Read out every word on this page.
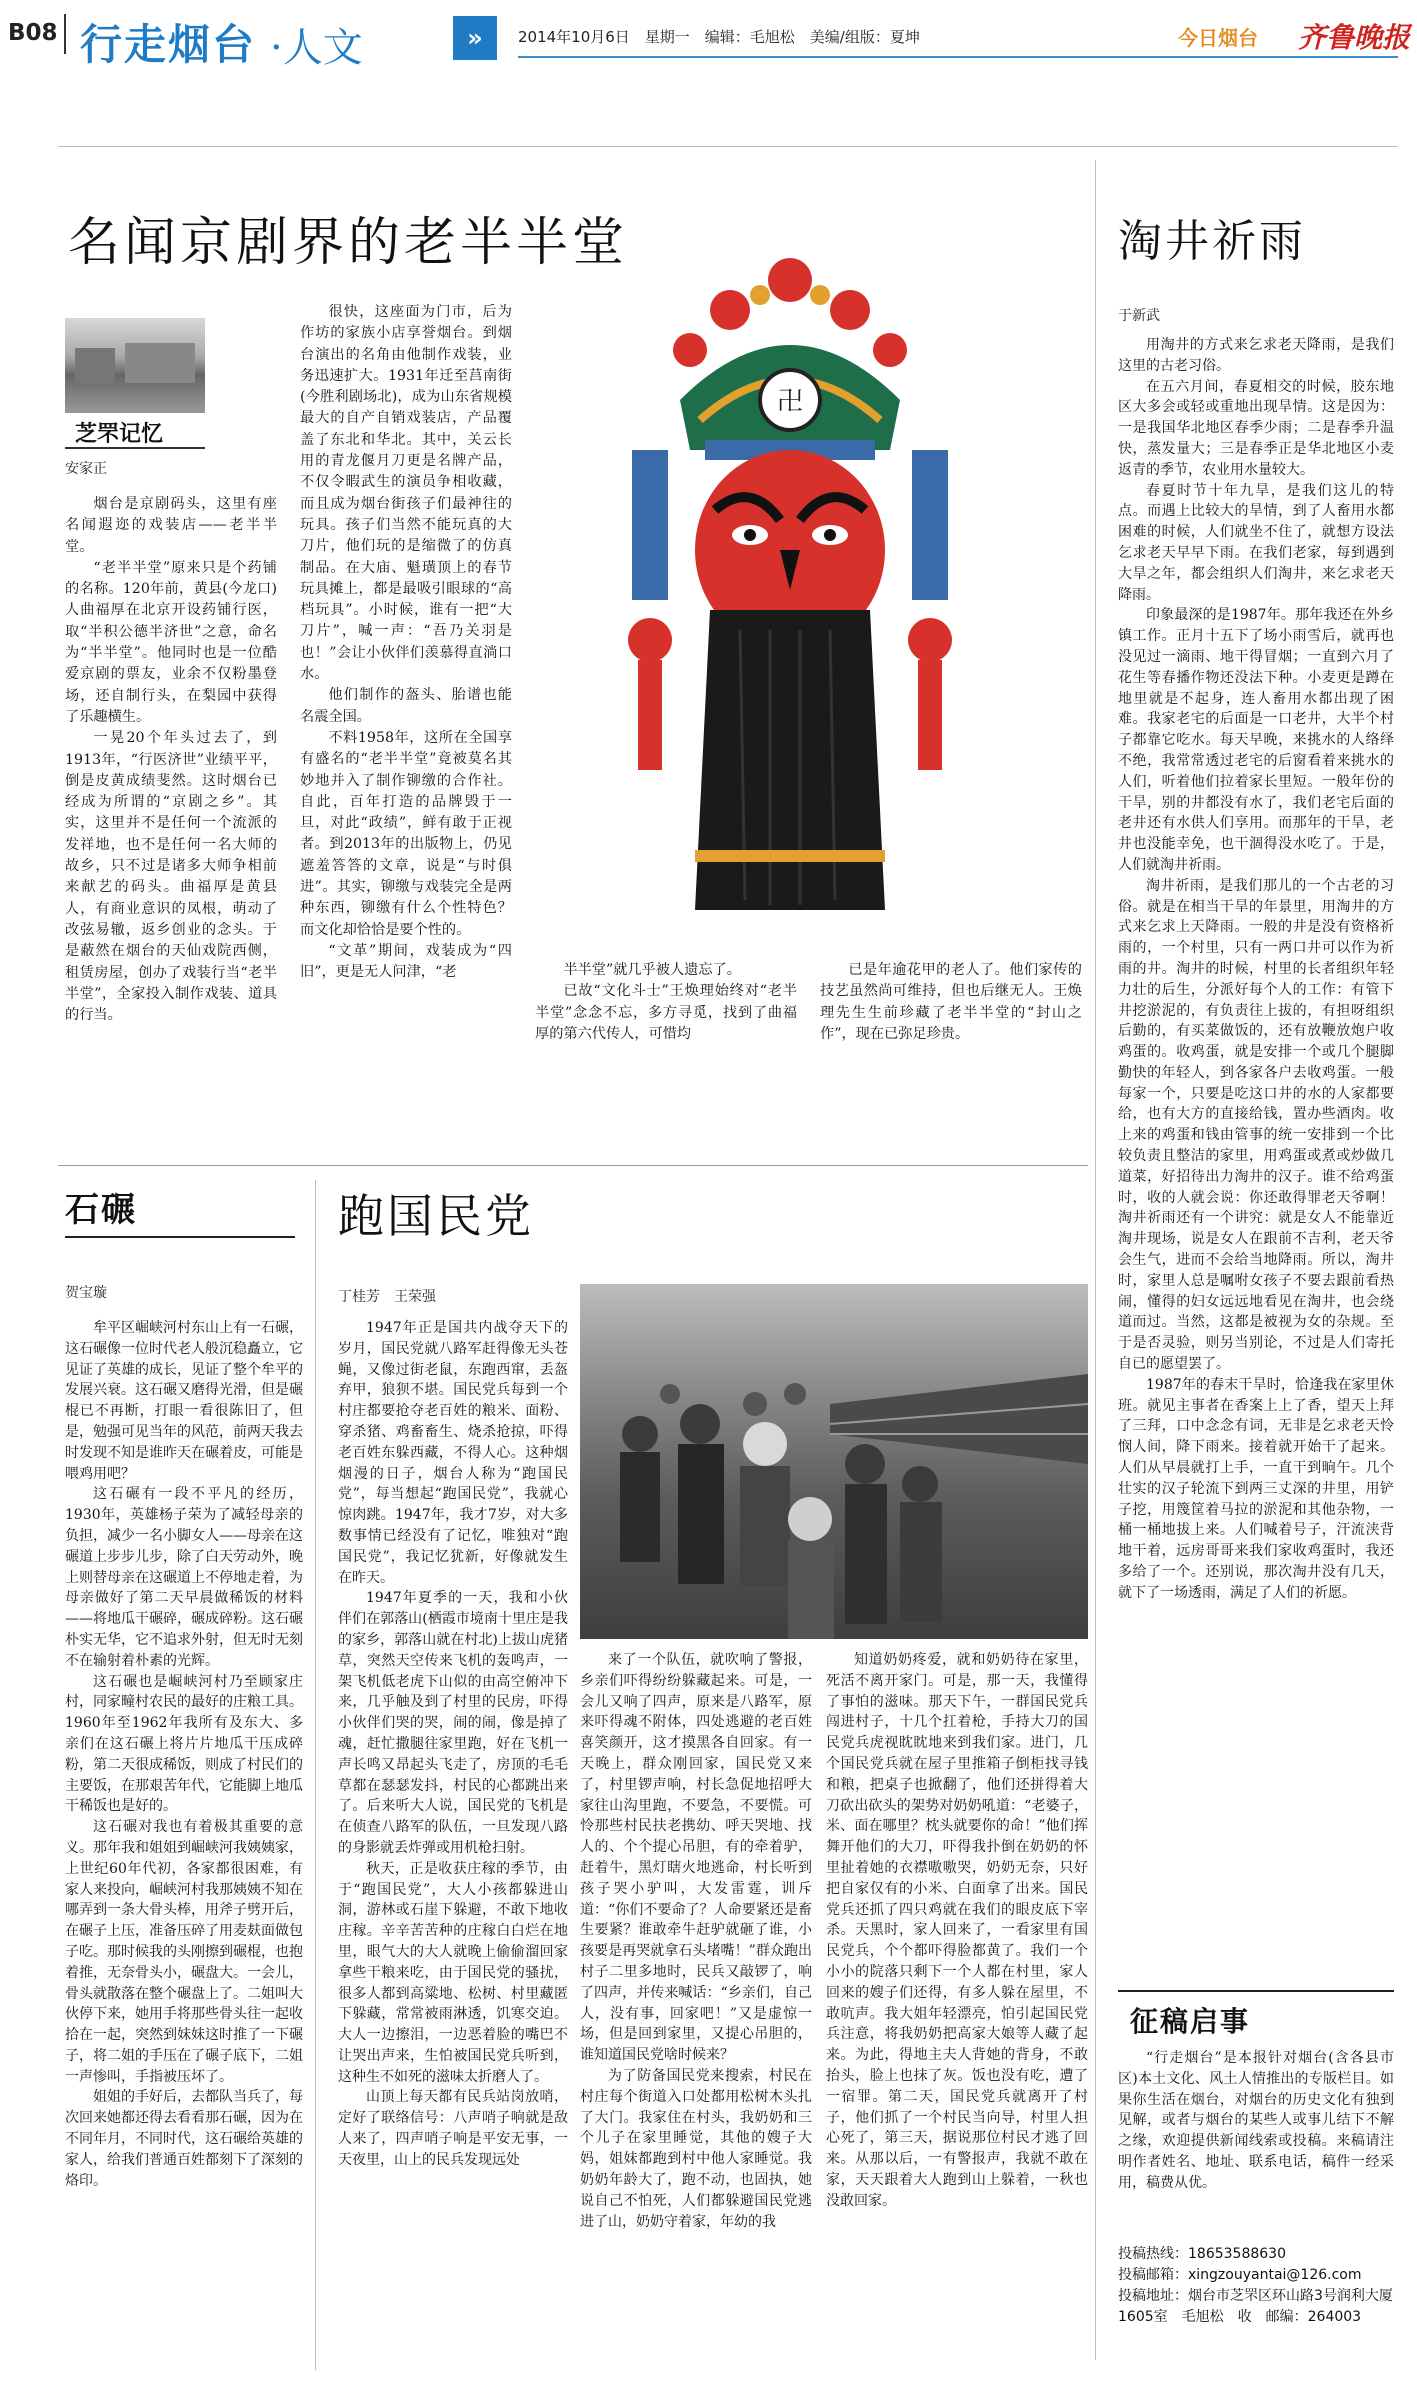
B08 行走烟台 ·人文	»	2014年10月6日　星期一　编辑：毛旭松　美编/组版：夏坤	今日烟台 齐鲁晚报
名闻京剧界的老半半堂
芝罘记忆
安家正

烟台是京剧码头，这里有座名闻遐迩的戏装店——老半半堂。

“老半半堂”原来只是个药铺的名称。120年前，黄县(今龙口)人曲福厚在北京开设药铺行医，取“半积公德半济世”之意，命名为“半半堂”。他同时也是一位酷爱京剧的票友，业余不仅粉墨登场，还自制行头，在梨园中获得了乐趣横生。

一晃20个年头过去了，到1913年，“行医济世”业绩平平，倒是皮黄成绩斐然。这时烟台已经成为所谓的“京剧之乡”。其实，这里并不是任何一个流派的发祥地，也不是任何一名大师的故乡，只不过是诸多大师争相前来献艺的码头。曲福厚是黄县人，有商业意识的凤根，萌动了改弦易辙，返乡创业的念头。于是蔽然在烟台的天仙戏院西侧，租赁房屋，创办了戏装行当“老半半堂”，全家投入制作戏装、道具的行当。

很快，这座面为门市，后为作坊的家族小店享誉烟台。到烟台演出的名角由他制作戏装，业务迅速扩大。1931年迁至莒南街(今胜利剧场北)，成为山东省规模最大的自产自销戏装店，产品覆盖了东北和华北。其中，关云长用的青龙偃月刀更是名牌产品，不仅令暇武生的演员争相收藏，而且成为烟台街孩子们最神往的玩具。孩子们当然不能玩真的大刀片，他们玩的是缩微了的仿真制品。在大庙、魁璜顶上的春节玩具摊上，都是最吸引眼球的“高档玩具”。小时候，谁有一把“大刀片”，喊一声：“吾乃关羽是也！”会让小伙伴们羡慕得直淌口水。

他们制作的盔头、胎谱也能名震全国。

不料1958年，这所在全国享有盛名的“老半半堂”竟被莫名其妙地并入了制作铆缴的合作社。自此，百年打造的品牌毁于一旦，对此“政绩”，鲜有敢于正视者。到2013年的出版物上，仍见遮羞答答的文章，说是“与时俱进”。其实，铆缴与戏装完全是两种东西，铆缴有什么个性特色？而文化却恰恰是要个性的。

“文革”期间，戏装成为“四旧”，更是无人问津，“老	半半堂”就几乎被人遗忘了。

已故“文化斗士”王焕理始终对“老半半堂”念念不忘，多方寻觅，找到了曲福厚的第六代传人，可惜均

已是年逾花甲的老人了。他们家传的技艺虽然尚可维持，但也后继无人。王焕理先生生前珍藏了老半半堂的“封山之作”，现在已弥足珍贵。

卍
淘井祈雨
于新武

用淘井的方式来乞求老天降雨，是我们这里的古老习俗。

在五六月间，春夏相交的时候，胶东地区大多会或轻或重地出现旱情。这是因为：一是我国华北地区春季少雨；二是春季升温快，蒸发量大；三是春季正是华北地区小麦返青的季节，农业用水量较大。

春夏时节十年九旱，是我们这儿的特点。而遇上比较大的旱情，到了人畜用水都困难的时候，人们就坐不住了，就想方设法乞求老天早早下雨。在我们老家，每到遇到大旱之年，都会组织人们淘井，来乞求老天降雨。

印象最深的是1987年。那年我还在外乡镇工作。正月十五下了场小雨雪后，就再也没见过一滴雨、地干得冒烟；一直到六月了花生等春播作物还没法下种。小麦更是蹲在地里就是不起身，连人畜用水都出现了困难。我家老宅的后面是一口老井，大半个村子都靠它吃水。每天早晚，来挑水的人络绎不绝，我常常透过老宅的后窗看着来挑水的人们，听着他们拉着家长里短。一般年份的干旱，别的井都没有水了，我们老宅后面的老井还有水供人们享用。而那年的干旱，老井也没能幸免，也干涸得没水吃了。于是，人们就淘井祈雨。

淘井祈雨，是我们那儿的一个古老的习俗。就是在相当干旱的年景里，用淘井的方式来乞求上天降雨。一般的井是没有资格祈雨的，一个村里，只有一两口井可以作为祈雨的井。淘井的时候，村里的长者组织年轻力壮的后生，分派好每个人的工作：有管下井挖淤泥的，有负责往上拔的，有担呀组织后勤的，有买菜做饭的，还有放鞭放炮户收鸡蛋的。收鸡蛋，就是安排一个或几个腿脚勤快的年轻人，到各家各户去收鸡蛋。一般每家一个，只要是吃这口井的水的人家都要给，也有大方的直接给钱，置办些酒肉。收上来的鸡蛋和钱由管事的统一安排到一个比较负责且整洁的家里，用鸡蛋或煮或炒做几道菜，好招待出力淘井的汉子。谁不给鸡蛋时，收的人就会说：你还敢得罪老天爷啊！淘井祈雨还有一个讲究：就是女人不能靠近淘井现场，说是女人在跟前不吉利，老天爷会生气，进而不会给当地降雨。所以，淘井时，家里人总是嘱咐女孩子不要去跟前看热闹，懂得的妇女远远地看见在淘井，也会绕道而过。当然，这都是被视为女的杂规。至于是否灵验，则另当别论，不过是人们寄托自已的愿望罢了。

1987年的春末干旱时，恰逢我在家里休班。就见主事者在香案上上了香，望天上拜了三拜，口中念念有词，无非是乞求老天怜悯人间，降下雨来。接着就开始干了起来。人们从早晨就打上手，一直干到晌午。几个壮实的汉子轮流下到两三丈深的井里，用铲子挖，用篾筐着马拉的淤泥和其他杂物，一桶一桶地拔上来。人们喊着号子，汗流浃背地干着，远房哥哥来我们家收鸡蛋时，我还多给了一个。还别说，那次淘井没有几天，就下了一场透雨，满足了人们的祈愿。

征稿启事

“行走烟台”是本报针对烟台(含各县市区)本土文化、风土人情推出的专版栏目。如果你生活在烟台，对烟台的历史文化有独到见解，或者与烟台的某些人或事儿结下不解之缘，欢迎提供新闻线索或投稿。来稿请注明作者姓名、地址、联系电话，稿件一经采用，稿费从优。

投稿热线：18653588630
投稿邮箱：xingzouyantai@126.com
投稿地址：烟台市芝罘区环山路3号润利大厦1605室　毛旭松　收　邮编：264003
石碾
贺宝璇

牟平区崛峡河村东山上有一石碾，这石碾像一位时代老人般沉稳矗立，它见证了英雄的成长，见证了整个牟平的发展兴衰。这石碾又磨得光滑，但是碾棍已不再断，打眼一看很陈旧了，但是，勉强可见当年的风范，前两天我去时发现不知是谁昨天在碾着皮，可能是喂鸡用吧？

这石碾有一段不平凡的经历，1930年，英雄杨子荣为了减轻母亲的负担，减少一名小脚女人——母亲在这碾道上步步儿步，除了白天劳动外，晚上则替母亲在这碾道上不停地走着，为母亲做好了第二天早晨做稀饭的材料——将地瓜干碾碎，碾成碎粉。这石碾朴实无华，它不追求外射，但无时无刻不在输射着朴素的光辉。

这石碾也是崛峡河村乃至顾家庄村，同家疃村农民的最好的庄粮工具。1960年至1962年我所有及东大、多亲们在这石碾上将片片地瓜干压成碎粉，第二天很成稀饭，则成了村民们的主要饭，在那艰苦年代，它能脚上地瓜干稀饭也是好的。

这石碾对我也有着极其重要的意义。那年我和姐姐到崛峡河我姨姨家，上世纪60年代初，各家都很困难，有家人来投向，崛峡河村我那姨姨不知在哪弄到一条大骨头棒，用斧子劈开后，在碾子上压，准备压碎了用麦麸面做包子吃。那时候我的头刚擦到碾棍，也抱着推，无奈骨头小，碾盘大。一会儿，骨头就散落在整个碾盘上了。二姐叫大伙停下来，她用手将那些骨头往一起收拾在一起，突然到妹妹这时推了一下碾子，将二姐的手压在了碾子底下，二姐一声惨叫，手指被压坏了。

姐姐的手好后，去都队当兵了，每次回来她都还得去看看那石碾，因为在不同年月，不同时代，这石碾给英雄的家人，给我们普通百姓都刻下了深刻的烙印。

跑国民党
丁桂芳　王荣强

1947年正是国共内战夺天下的岁月，国民党就八路军赶得像无头苍蝇，又像过街老鼠，东跑西窜，丢盔弃甲，狼狈不堪。国民党兵每到一个村庄都要抢夺老百姓的粮米、面粉、穿杀猪、鸡畜畜生、烧杀抢掠，吓得老百姓东躲西藏，不得人心。这种烟烟漫的日子，烟台人称为“跑国民党”，每当想起“跑国民党”，我就心惊肉跳。1947年，我才7岁，对大多数事情已经没有了记忆，唯独对“跑国民党”，我记忆犹新，好像就发生在昨天。

1947年夏季的一天，我和小伙伴们在郭落山(栖霞市境南十里庄是我的家乡，郭落山就在村北)上拔山虎猪草，突然天空传来飞机的轰鸣声，一架飞机低老虎下山似的由高空俯冲下来，几乎触及到了村里的民房，吓得小伙伴们哭的哭，闹的闹，像是掉了魂，赶忙撒腿往家里跑，好在飞机一声长鸣又昂起头飞走了，房顶的毛毛草都在瑟瑟发抖，村民的心都跳出来了。后来听大人说，国民党的飞机是在侦查八路军的队伍，一旦发现八路的身影就丢炸弹或用机枪扫射。

秋天，正是收获庄稼的季节，由于“跑国民党”，大人小孩都躲进山洞，游林或石崖下躲避，不敢下地收庄稼。辛辛苦苦种的庄稼白白烂在地里，眼气大的大人就晚上偷偷溜回家拿些干粮来吃，由于国民党的骚扰，很多人都到高粱地、松树、村里藏匿下躲藏，常常被雨淋透，饥寒交迫。大人一边擦泪，一边恶着脸的嘴巴不让哭出声来，生怕被国民党兵听到，这种生不如死的滋味太折磨人了。

山顶上每天都有民兵站岗放哨，定好了联络信号：八声哨子响就是敌人来了，四声哨子响是平安无事，一天夜里，山上的民兵发现远处

来了一个队伍，就吹响了警报，乡亲们吓得纷纷躲藏起来。可是，一会儿又响了四声，原来是八路军，原来吓得魂不附体，四处逃避的老百姓喜笑颜开，这才摸黑各自回家。有一天晚上，群众刚回家，国民党又来了，村里锣声响，村长急促地招呼大家往山沟里跑，不要急，不要慌。可怜那些村民扶老携幼、呼天哭地、找人的、个个提心吊胆，有的牵着驴，赶着牛，黑灯瞎火地逃命，村长听到孩子哭小驴叫，大发雷霆，训斥道：“你们不要命了？人命要紧还是畜生要紧？谁敢牵牛赶驴就砸了谁，小孩要是再哭就拿石头堵嘴！”群众跑出村子二里多地时，民兵又敲锣了，响了四声，并传来喊话：“乡亲们，自己人，没有事，回家吧！”又是虚惊一场，但是回到家里，又提心吊胆的，谁知道国民党啥时候来？

为了防备国民党来搜索，村民在村庄每个街道入口处都用松树木头扎了大门。我家住在村头，我奶奶和三个儿子在家里睡觉，其他的嫂子大妈，姐妹都跑到村中他人家睡觉。我奶奶年龄大了，跑不动，也固执，她说自己不怕死，人们都躲避国民党逃进了山，奶奶守着家，年幼的我

知道奶奶疼爱，就和奶奶待在家里，死活不离开家门。可是，那一天，我懂得了事怕的滋味。那天下午，一群国民党兵闯进村子，十几个扛着枪，手持大刀的国民党兵虎视眈眈地来到我们家。进门，几个国民党兵就在屋子里推箱子倒柜找寻钱和粮，把桌子也掀翻了，他们还拼得着大刀砍出砍头的架势对奶奶吼道：“老婆子，米、面在哪里？枕头就要你的命！”他们挥舞开他们的大刀，吓得我扑倒在奶奶的怀里扯着她的衣襟嗷嗷哭，奶奶无奈，只好把自家仅有的小米、白面拿了出来。国民党兵还抓了四只鸡就在我们的眼皮底下宰杀。天黑时，家人回来了，一看家里有国民党兵，个个都吓得脸都黄了。我们一个小小的院落只剩下一个人都在村里，家人回来的嫂子们还得，有多人躲在屋里，不敢吭声。我大姐年轻漂亮，怕引起国民党兵注意，将我奶奶把高家大娘等人藏了起来。为此，得地主夫人背她的背身，不敢抬头，脸上也抹了灰。饭也没有吃，遭了一宿罪。第二天，国民党兵就离开了村子，他们抓了一个村民当向导，村里人担心死了，第三天，据说那位村民才逃了回来。从那以后，一有警报声，我就不敢在家，天天跟着大人跑到山上躲着，一秋也没敢回家。
